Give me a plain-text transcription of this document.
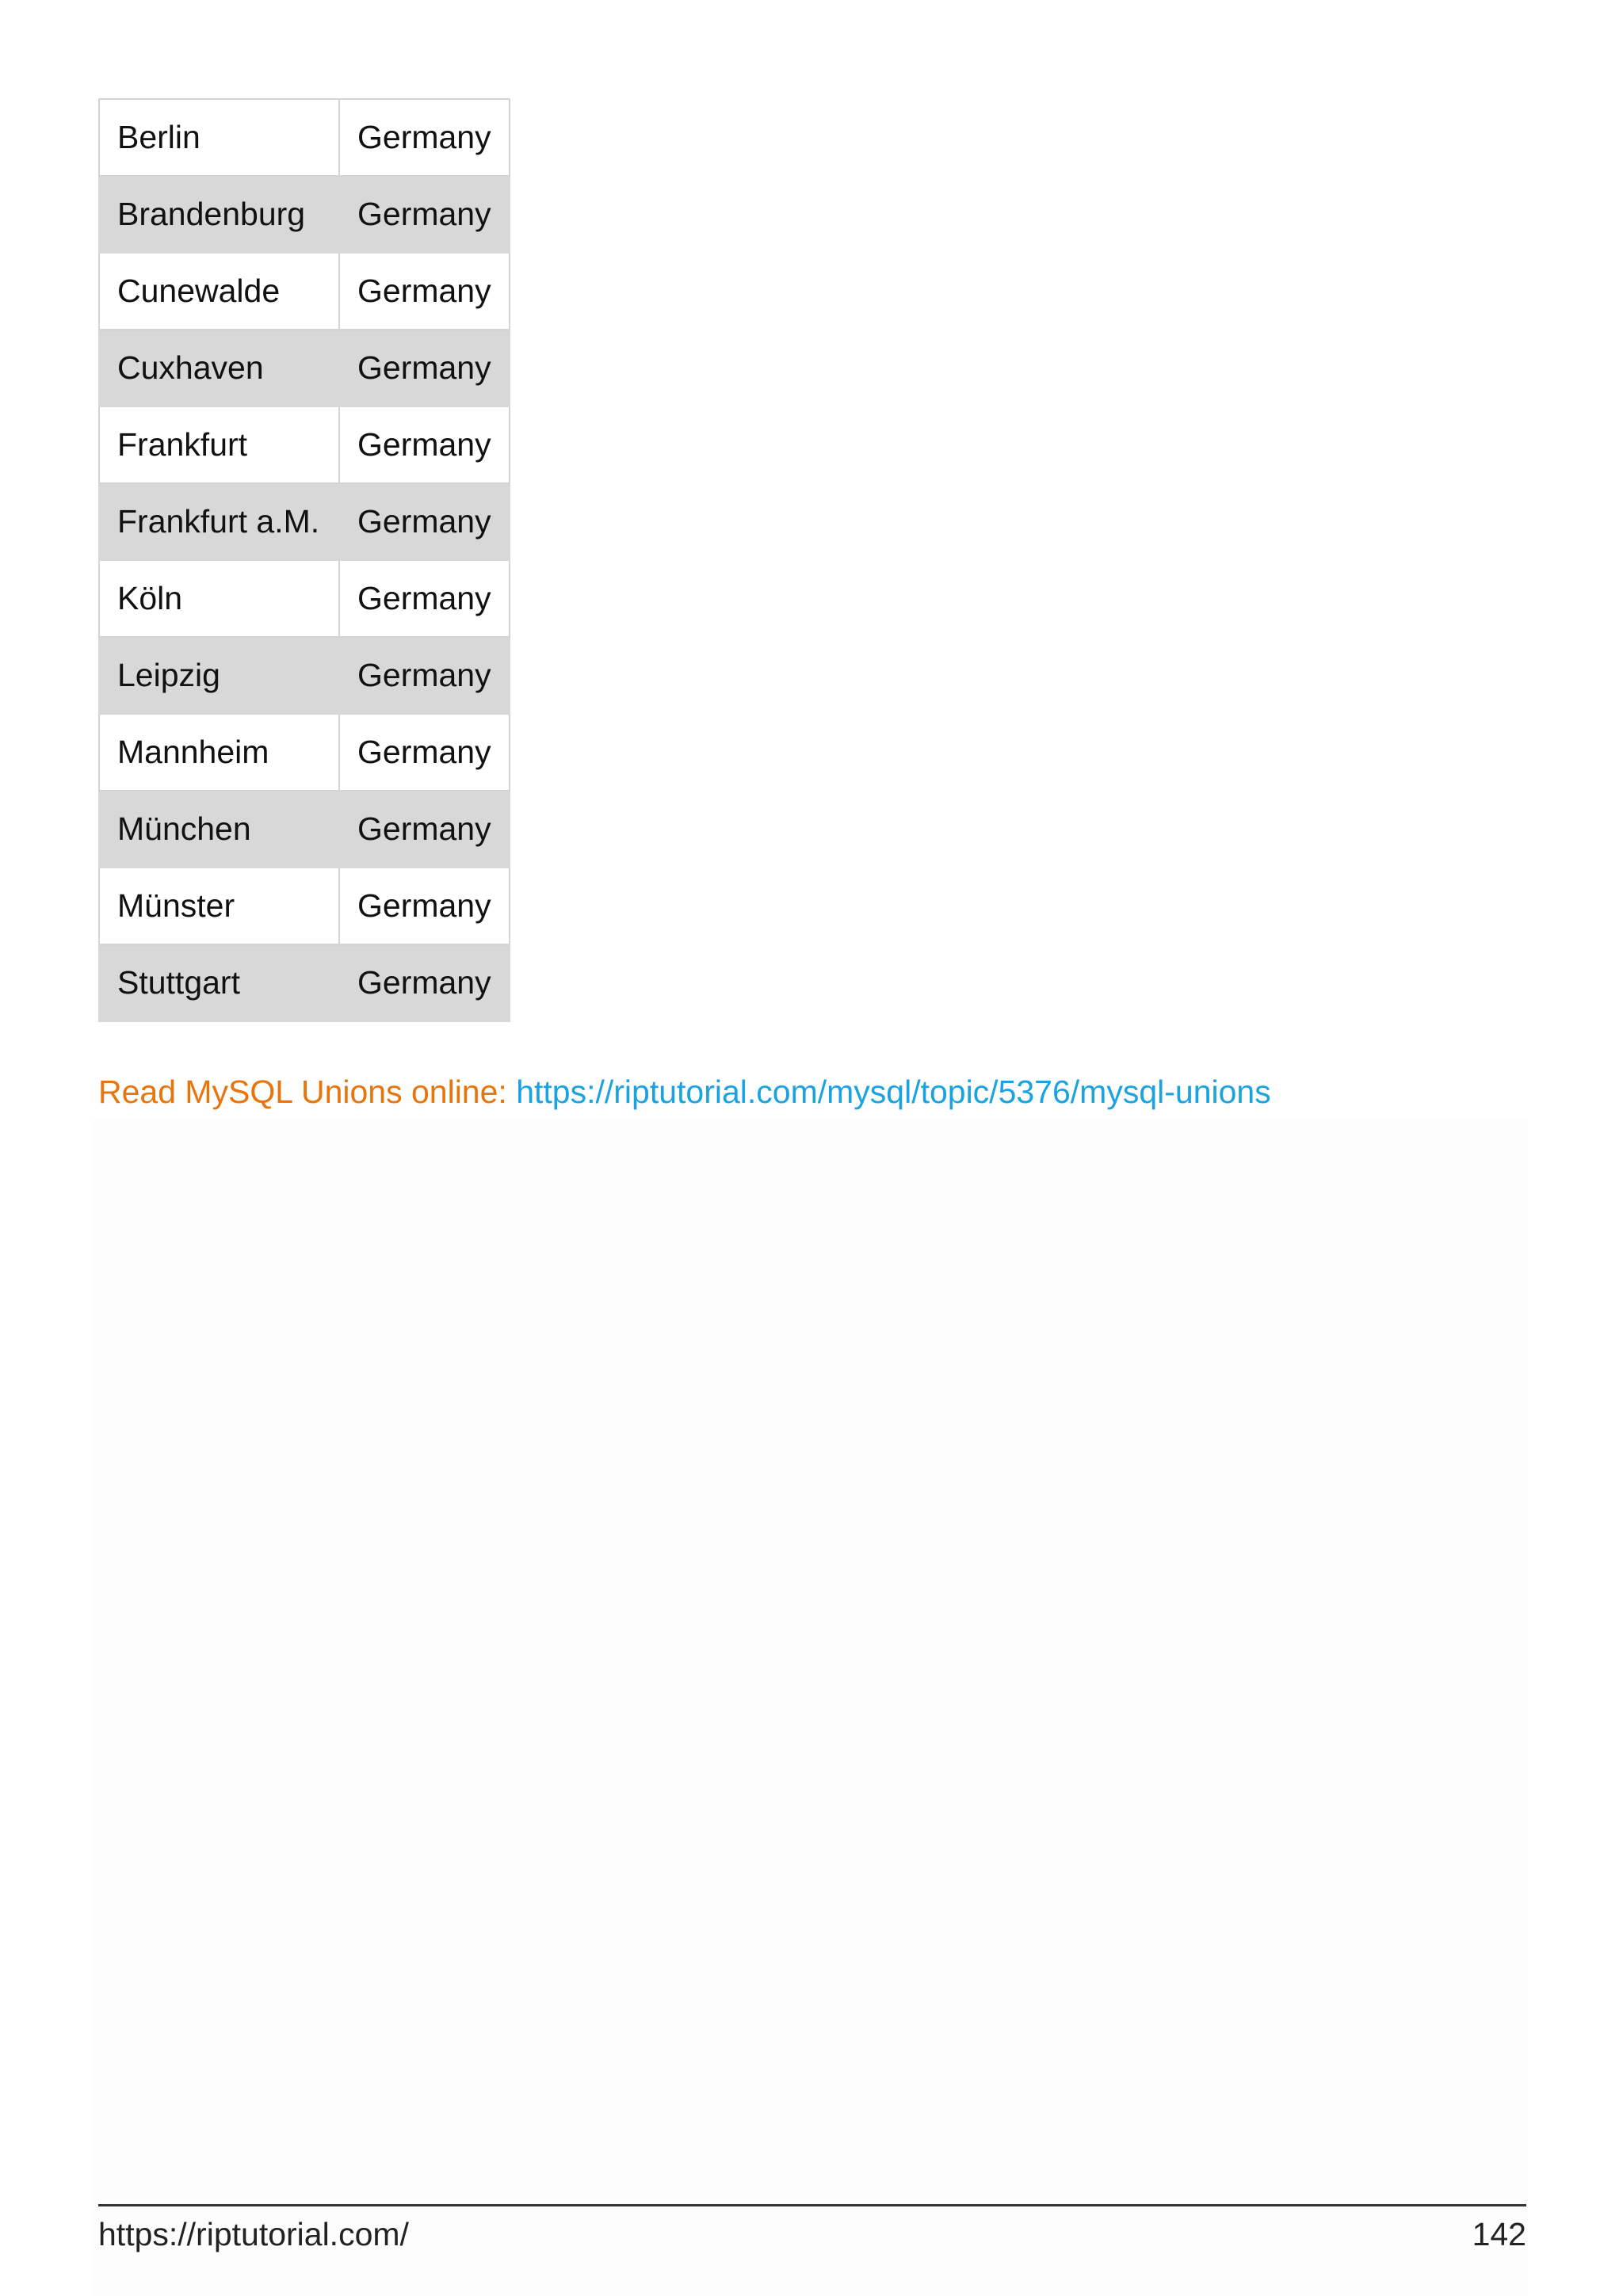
Berlin	Germany
Brandenburg	Germany
Cunewalde	Germany
Cuxhaven	Germany
Frankfurt	Germany
Frankfurt a.M.	Germany
Köln	Germany
Leipzig	Germany
Mannheim	Germany
München	Germany
Münster	Germany
Stuttgart	Germany
Read MySQL Unions online: https://riptutorial.com/mysql/topic/5376/mysql-unions
https://riptutorial.com/	142
